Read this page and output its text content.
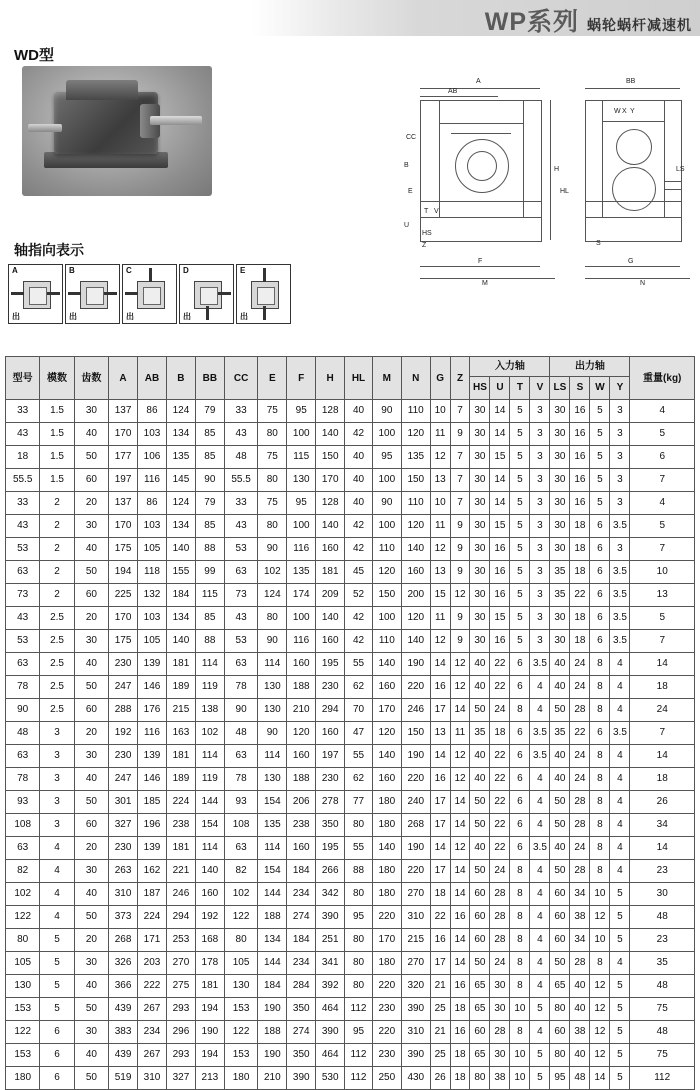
WP系列 蜗轮蜗杆减速机
WD型
轴指向表示
A
出
B
出
C
出
D
出
E
出
A
AB
BB
B
CC
E
F
H
HL
M	N
G
Z
HS
U
T V
LS
S
W X Y
型号	模数	齿数	A	AB	B	BB	CC	E	F	H	HL	M	N	G	Z	入力轴				出力轴				重量(kg)
																HS	U	T	V	LS	S	W	Y	
33	1.5	30	137	86	124	79	33	75	95	128	40	90	110	10	7	30	14	5	3	30	16	5	3	4
43	1.5	40	170	103	134	85	43	80	100	140	42	100	120	11	9	30	14	5	3	30	16	5	3	5
18	1.5	50	177	106	135	85	48	75	115	150	40	95	135	12	7	30	15	5	3	30	16	5	3	6
55.5	1.5	60	197	116	145	90	55.5	80	130	170	40	100	150	13	7	30	14	5	3	30	16	5	3	7
33	2	20	137	86	124	79	33	75	95	128	40	90	110	10	7	30	14	5	3	30	16	5	3	4
43	2	30	170	103	134	85	43	80	100	140	42	100	120	11	9	30	15	5	3	30	18	6	3.5	5
53	2	40	175	105	140	88	53	90	116	160	42	110	140	12	9	30	16	5	3	30	18	6	3	7
63	2	50	194	118	155	99	63	102	135	181	45	120	160	13	9	30	16	5	3	35	18	6	3.5	10
73	2	60	225	132	184	115	73	124	174	209	52	150	200	15	12	30	16	5	3	35	22	6	3.5	13
43	2.5	20	170	103	134	85	43	80	100	140	42	100	120	11	9	30	15	5	3	30	18	6	3.5	5
53	2.5	30	175	105	140	88	53	90	116	160	42	110	140	12	9	30	16	5	3	30	18	6	3.5	7
63	2.5	40	230	139	181	114	63	114	160	195	55	140	190	14	12	40	22	6	3.5	40	24	8	4	14
78	2.5	50	247	146	189	119	78	130	188	230	62	160	220	16	12	40	22	6	4	40	24	8	4	18
90	2.5	60	288	176	215	138	90	130	210	294	70	170	246	17	14	50	24	8	4	50	28	8	4	24
48	3	20	192	116	163	102	48	90	120	160	47	120	150	13	11	35	18	6	3.5	35	22	6	3.5	7
63	3	30	230	139	181	114	63	114	160	197	55	140	190	14	12	40	22	6	3.5	40	24	8	4	14
78	3	40	247	146	189	119	78	130	188	230	62	160	220	16	12	40	22	6	4	40	24	8	4	18
93	3	50	301	185	224	144	93	154	206	278	77	180	240	17	14	50	22	6	4	50	28	8	4	26
108	3	60	327	196	238	154	108	135	238	350	80	180	268	17	14	50	22	6	4	50	28	8	4	34
63	4	20	230	139	181	114	63	114	160	195	55	140	190	14	12	40	22	6	3.5	40	24	8	4	14
82	4	30	263	162	221	140	82	154	184	266	88	180	220	17	14	50	24	8	4	50	28	8	4	23
102	4	40	310	187	246	160	102	144	234	342	80	180	270	18	14	60	28	8	4	60	34	10	5	30
122	4	50	373	224	294	192	122	188	274	390	95	220	310	22	16	60	28	8	4	60	38	12	5	48
80	5	20	268	171	253	168	80	134	184	251	80	170	215	16	14	60	28	8	4	60	34	10	5	23
105	5	30	326	203	270	178	105	144	234	341	80	180	270	17	14	50	24	8	4	50	28	8	4	35
130	5	40	366	222	275	181	130	184	284	392	80	220	320	21	16	65	30	8	4	65	40	12	5	48
153	5	50	439	267	293	194	153	190	350	464	112	230	390	25	18	65	30	10	5	80	40	12	5	75
122	6	30	383	234	296	190	122	188	274	390	95	220	310	21	16	60	28	8	4	60	38	12	5	48
153	6	40	439	267	293	194	153	190	350	464	112	230	390	25	18	65	30	10	5	80	40	12	5	75
180	6	50	519	310	327	213	180	210	390	530	112	250	430	26	18	80	38	10	5	95	48	14	5	112
